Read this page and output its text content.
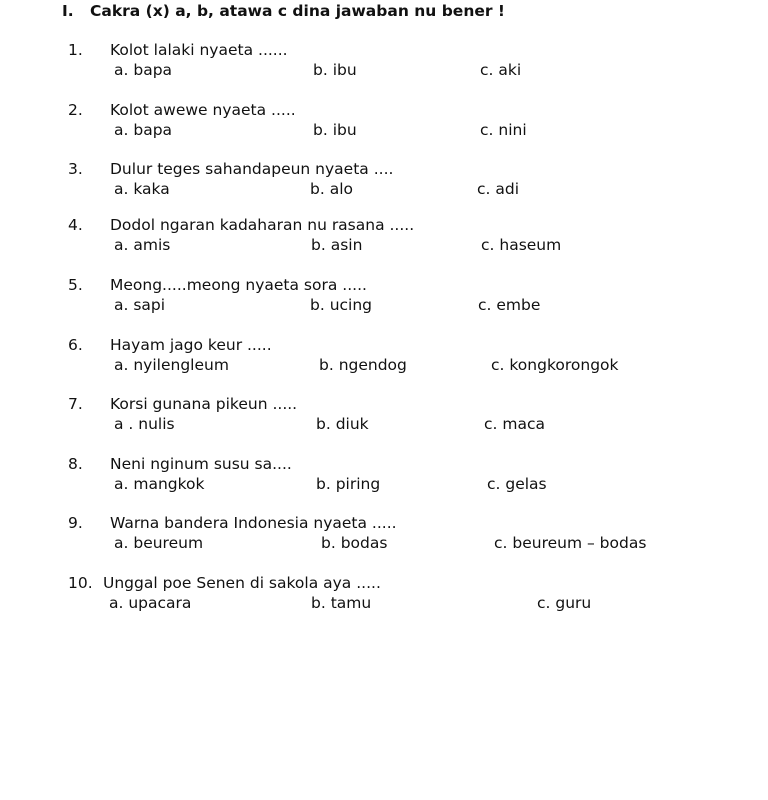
I. Cakra (x) a, b, atawa c dina jawaban nu bener !
1. Kolot lalaki nyaeta ......
a. bapa	b. ibu	c. aki
2. Kolot awewe nyaeta .....
a. bapa	b. ibu	c. nini
3. Dulur teges sahandapeun nyaeta ....
a. kaka	b. alo	c. adi
4. Dodol ngaran kadaharan nu rasana .....
a. amis	b. asin	c. haseum
5. Meong.....meong nyaeta sora .....
a. sapi	b. ucing	c. embe
6. Hayam jago keur .....
a. nyilengleum	b. ngendog	c. kongkorongok
7. Korsi gunana pikeun .....
a . nulis	b. diuk	c. maca
8. Neni nginum susu sa....
a. mangkok	b. piring	c. gelas
9. Warna bandera Indonesia nyaeta .....
a. beureum	b. bodas	c. beureum – bodas
10. Unggal poe Senen di sakola aya .....
a. upacara	b. tamu	c. guru
